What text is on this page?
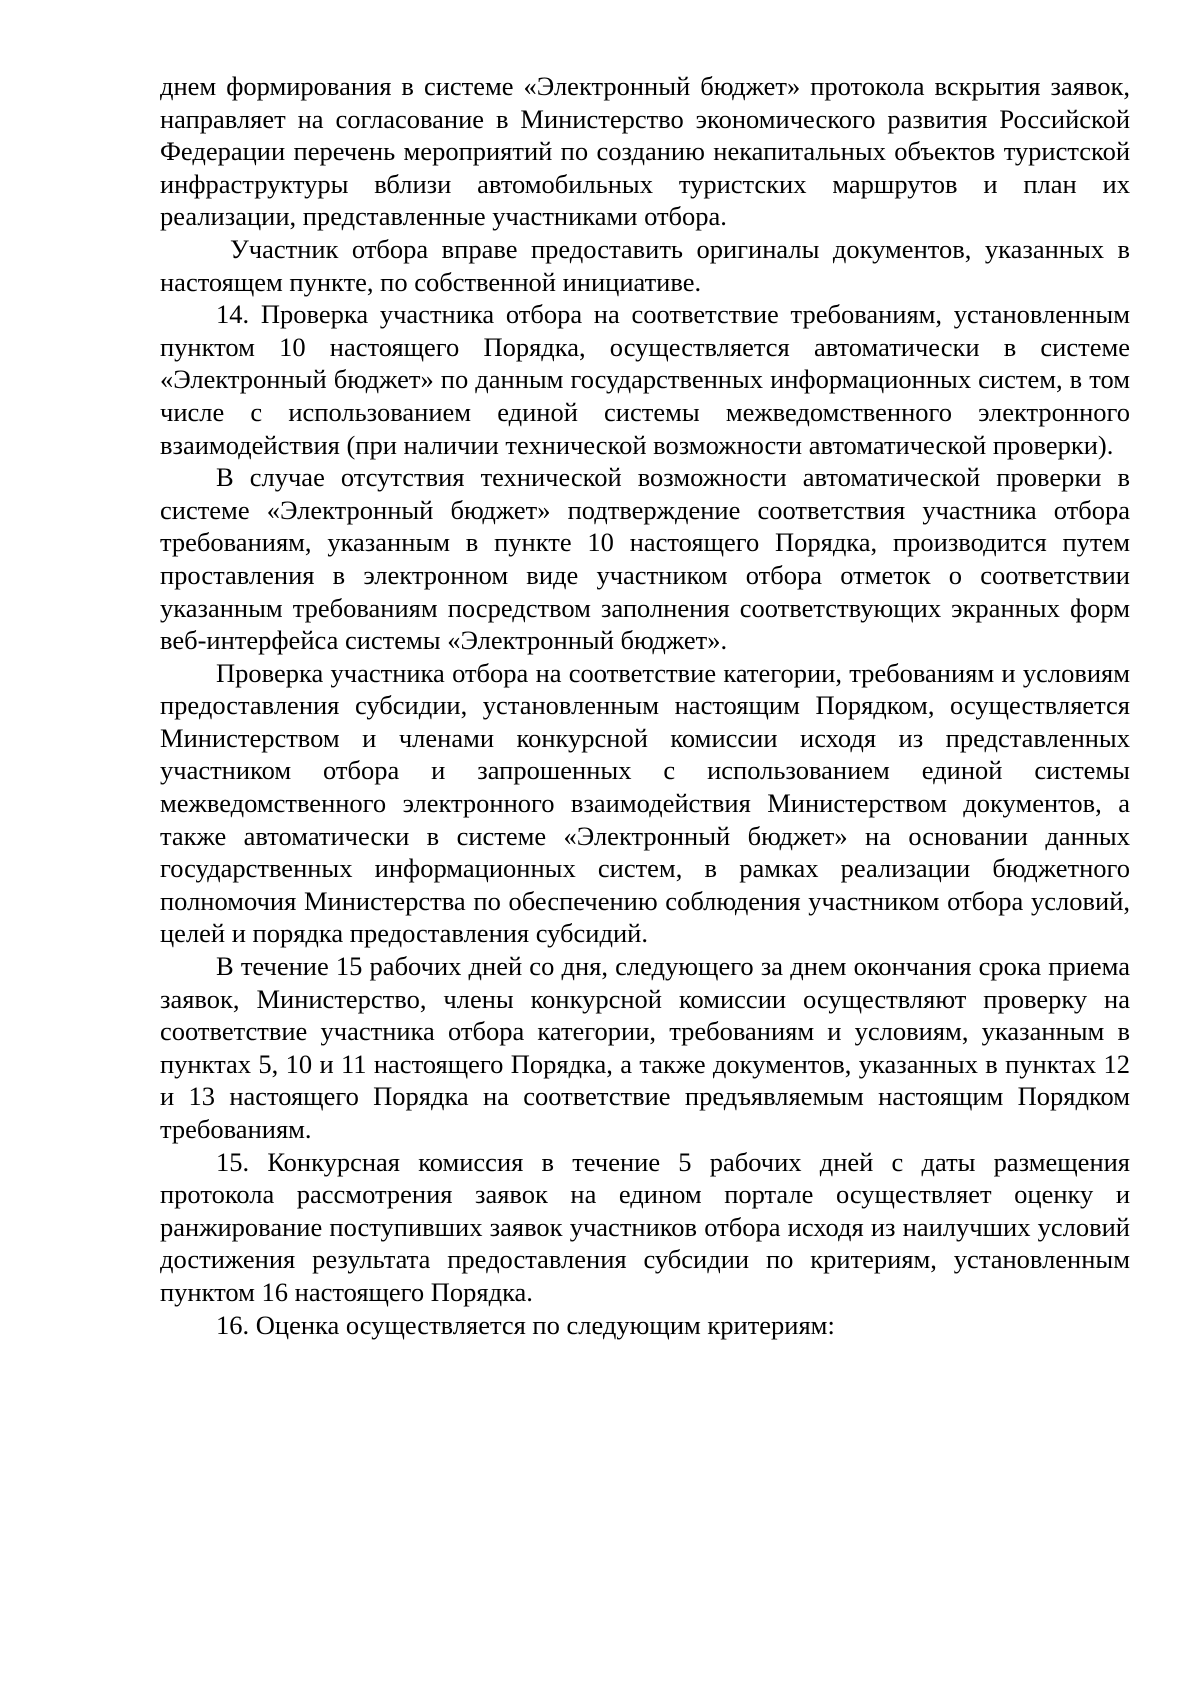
днем формирования в системе «Электронный бюджет» протокола вскрытия заявок, направляет на согласование в Министерство экономического развития Российской Федерации перечень мероприятий по созданию некапитальных объектов туристской инфраструктуры вблизи автомобильных туристских маршрутов и план их реализации, представленные участниками отбора.

Участник отбора вправе предоставить оригиналы документов, указанных в настоящем пункте, по собственной инициативе.

14. Проверка участника отбора на соответствие требованиям, установленным пунктом 10 настоящего Порядка, осуществляется автоматически в системе «Электронный бюджет» по данным государственных информационных систем, в том числе с использованием единой системы межведомственного электронного взаимодействия (при наличии технической возможности автоматической проверки).

В случае отсутствия технической возможности автоматической проверки в системе «Электронный бюджет» подтверждение соответствия участника отбора требованиям, указанным в пункте 10 настоящего Порядка, производится путем проставления в электронном виде участником отбора отметок о соответствии указанным требованиям посредством заполнения соответствующих экранных форм веб-интерфейса системы «Электронный бюджет».

Проверка участника отбора на соответствие категории, требованиям и условиям предоставления субсидии, установленным настоящим Порядком, осуществляется Министерством и членами конкурсной комиссии исходя из представленных участником отбора и запрошенных с использованием единой системы межведомственного электронного взаимодействия Министерством документов, а также автоматически в системе «Электронный бюджет» на основании данных государственных информационных систем, в рамках реализации бюджетного полномочия Министерства по обеспечению соблюдения участником отбора условий, целей и порядка предоставления субсидий.

В течение 15 рабочих дней со дня, следующего за днем окончания срока приема заявок, Министерство, члены конкурсной комиссии осуществляют проверку на соответствие участника отбора категории, требованиям и условиям, указанным в пунктах 5, 10 и 11 настоящего Порядка, а также документов, указанных в пунктах 12 и 13 настоящего Порядка на соответствие предъявляемым настоящим Порядком требованиям.

15. Конкурсная комиссия в течение 5 рабочих дней с даты размещения протокола рассмотрения заявок на едином портале осуществляет оценку и ранжирование поступивших заявок участников отбора исходя из наилучших условий достижения результата предоставления субсидии по критериям, установленным пунктом 16 настоящего Порядка.

16. Оценка осуществляется по следующим критериям:
